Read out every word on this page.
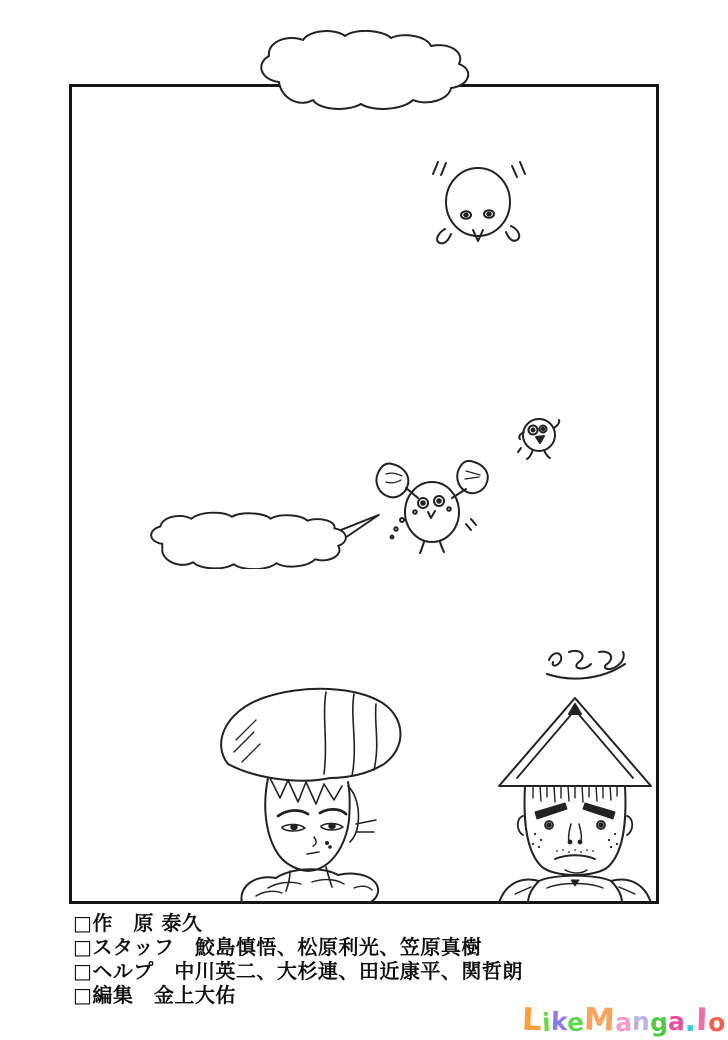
□作　原 泰久
□スタッフ　鮫島慎悟、松原利光、笠原真樹
□ヘルプ　中川英二、大杉連、田近康平、関哲朗
□編集　金上大佑
L
i
k
e
M
a
n
g
a
.
I
o
